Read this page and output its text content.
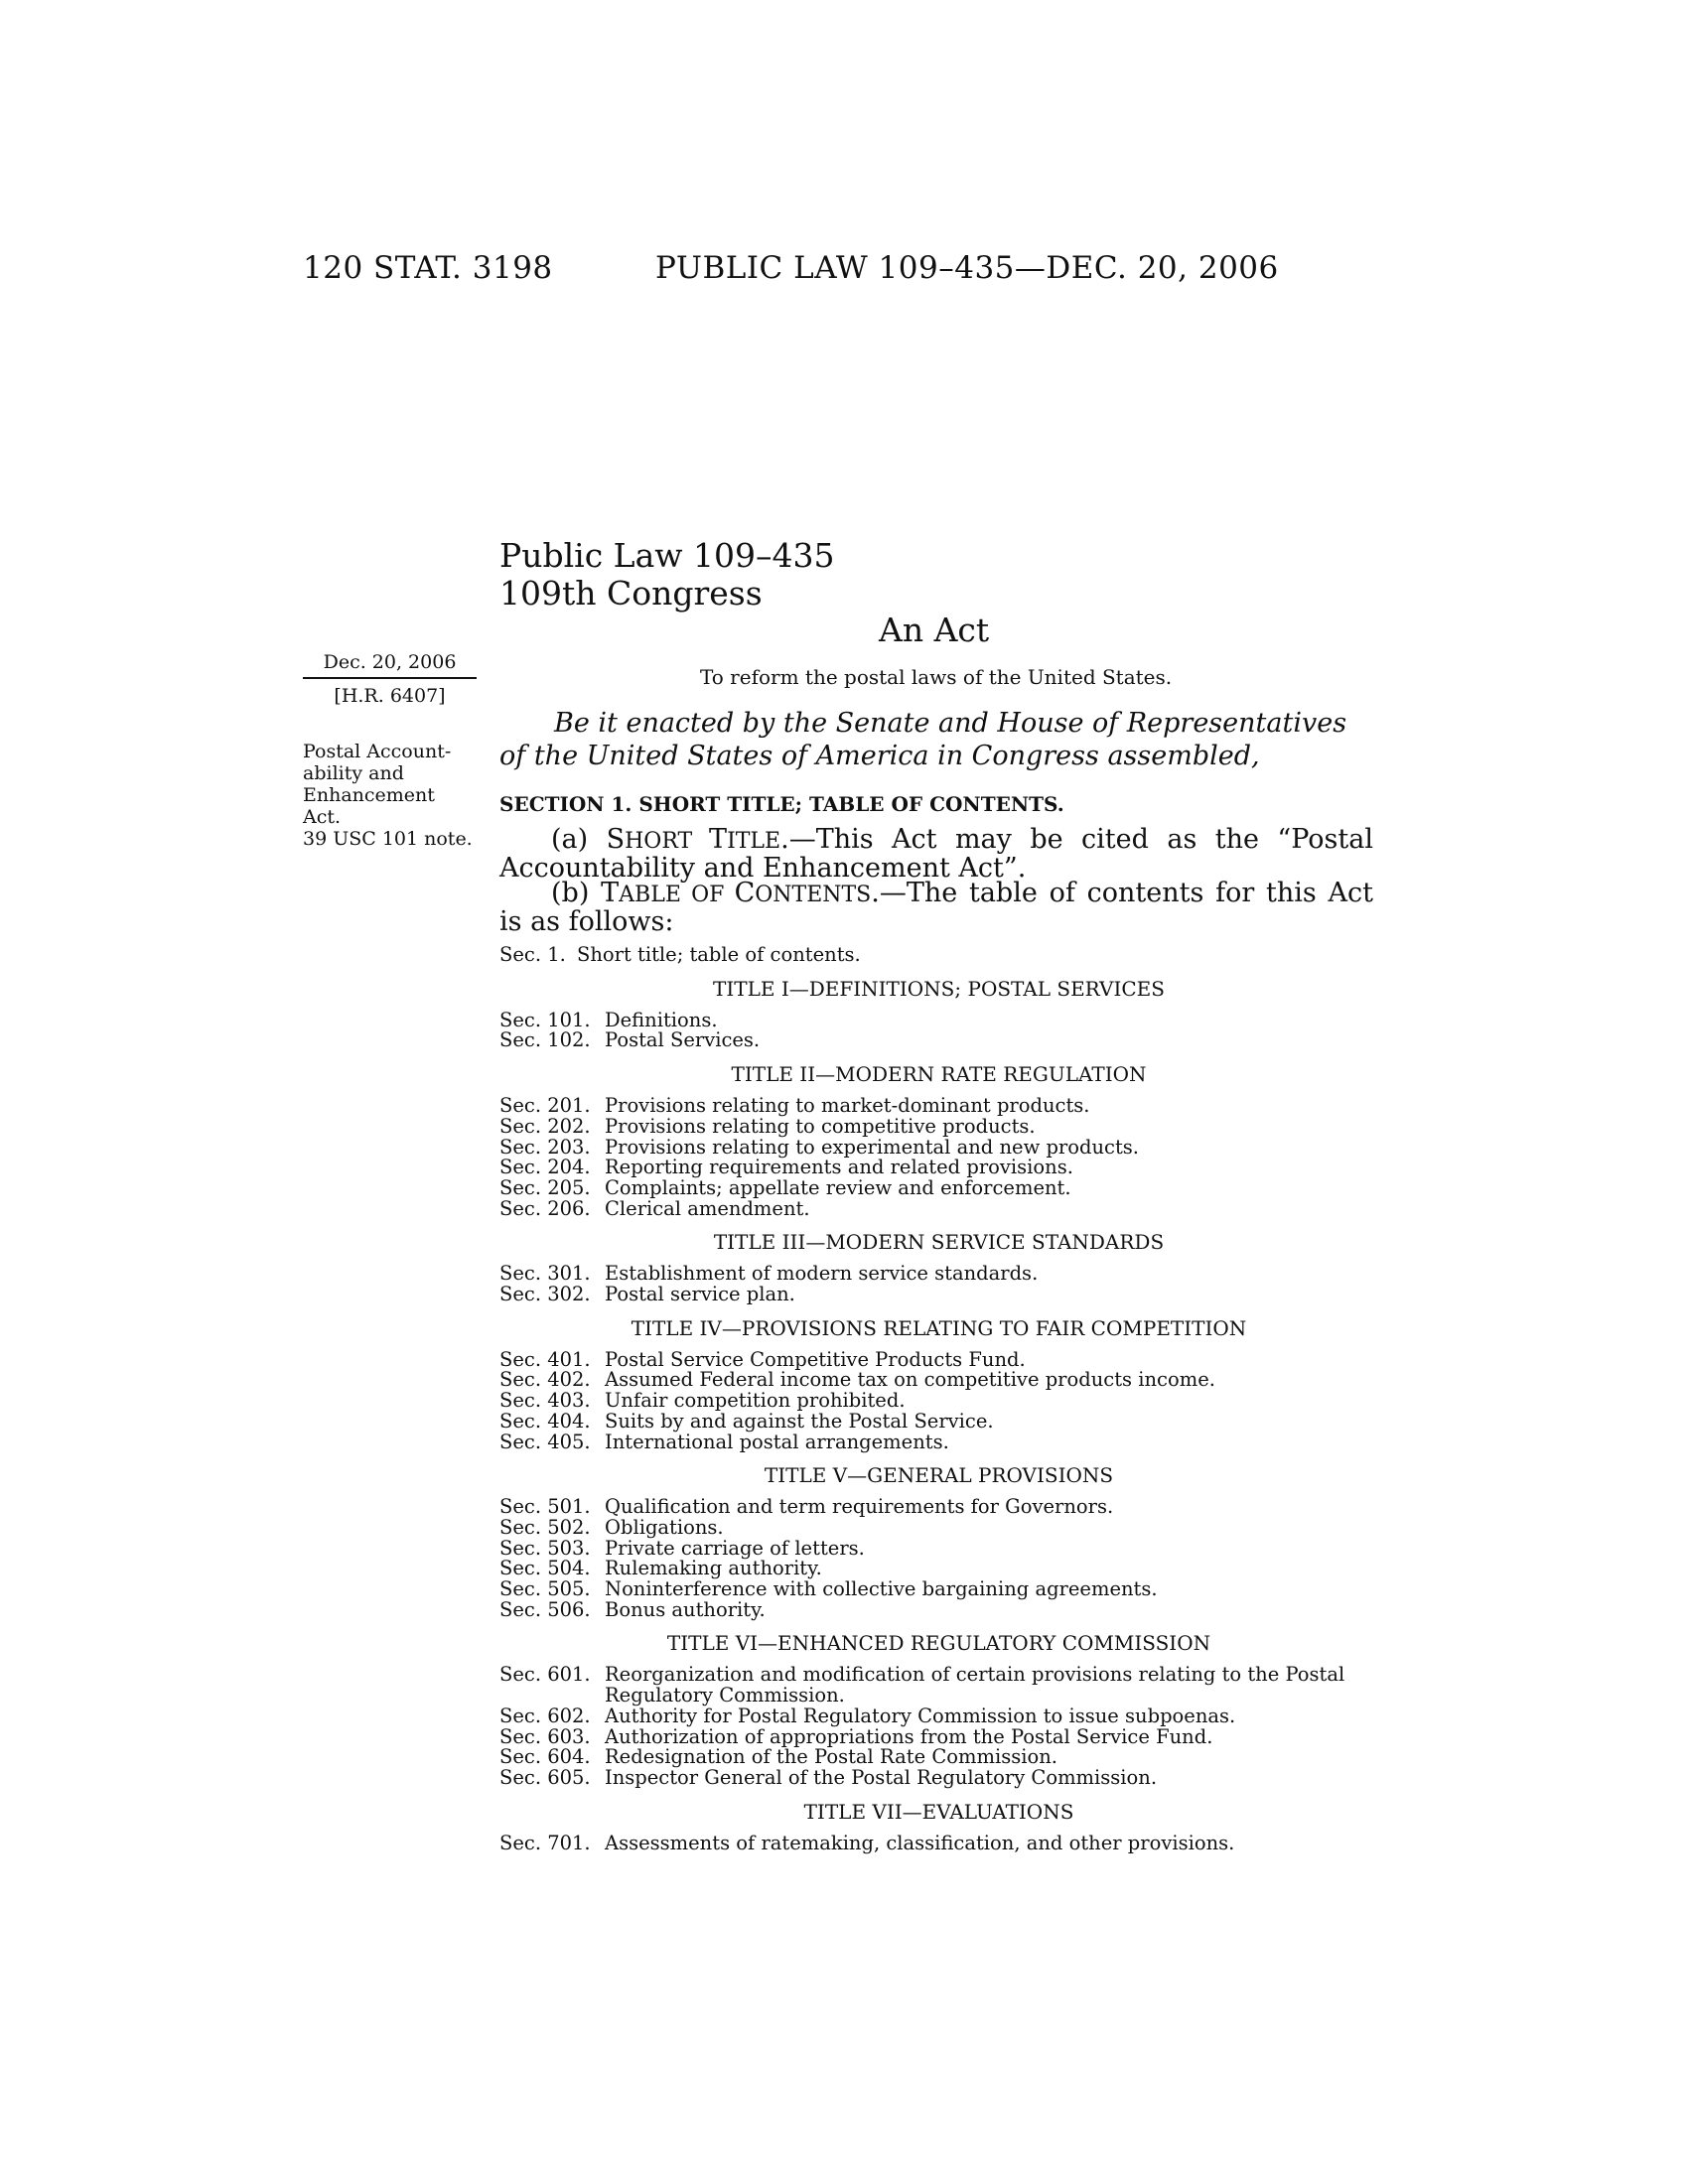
120 STAT. 3198	PUBLIC LAW 109–435—DEC. 20, 2006
Public Law 109–435
109th Congress
An Act
To reform the postal laws of the United States.
Dec. 20, 2006
[H.R. 6407]
Postal Account-
ability and
Enhancement
Act.
39 USC 101 note.
Be it enacted by the Senate and House of Representatives of the United States of America in Congress assembled,
SECTION 1. SHORT TITLE; TABLE OF CONTENTS.
(a) SHORT TITLE.—This Act may be cited as the “Postal Accountability and Enhancement Act”.
(b) TABLE OF CONTENTS.—The table of contents for this Act is as follows:
Sec. 1. Short title; table of contents.
TITLE I—DEFINITIONS; POSTAL SERVICES
Sec. 101. Definitions.
Sec. 102. Postal Services.
TITLE II—MODERN RATE REGULATION
Sec. 201. Provisions relating to market-dominant products.
Sec. 202. Provisions relating to competitive products.
Sec. 203. Provisions relating to experimental and new products.
Sec. 204. Reporting requirements and related provisions.
Sec. 205. Complaints; appellate review and enforcement.
Sec. 206. Clerical amendment.
TITLE III—MODERN SERVICE STANDARDS
Sec. 301. Establishment of modern service standards.
Sec. 302. Postal service plan.
TITLE IV—PROVISIONS RELATING TO FAIR COMPETITION
Sec. 401. Postal Service Competitive Products Fund.
Sec. 402. Assumed Federal income tax on competitive products income.
Sec. 403. Unfair competition prohibited.
Sec. 404. Suits by and against the Postal Service.
Sec. 405. International postal arrangements.
TITLE V—GENERAL PROVISIONS
Sec. 501. Qualification and term requirements for Governors.
Sec. 502. Obligations.
Sec. 503. Private carriage of letters.
Sec. 504. Rulemaking authority.
Sec. 505. Noninterference with collective bargaining agreements.
Sec. 506. Bonus authority.
TITLE VI—ENHANCED REGULATORY COMMISSION
Sec. 601. Reorganization and modification of certain provisions relating to the Postal Regulatory Commission.
Sec. 602. Authority for Postal Regulatory Commission to issue subpoenas.
Sec. 603. Authorization of appropriations from the Postal Service Fund.
Sec. 604. Redesignation of the Postal Rate Commission.
Sec. 605. Inspector General of the Postal Regulatory Commission.
TITLE VII—EVALUATIONS
Sec. 701. Assessments of ratemaking, classification, and other provisions.
